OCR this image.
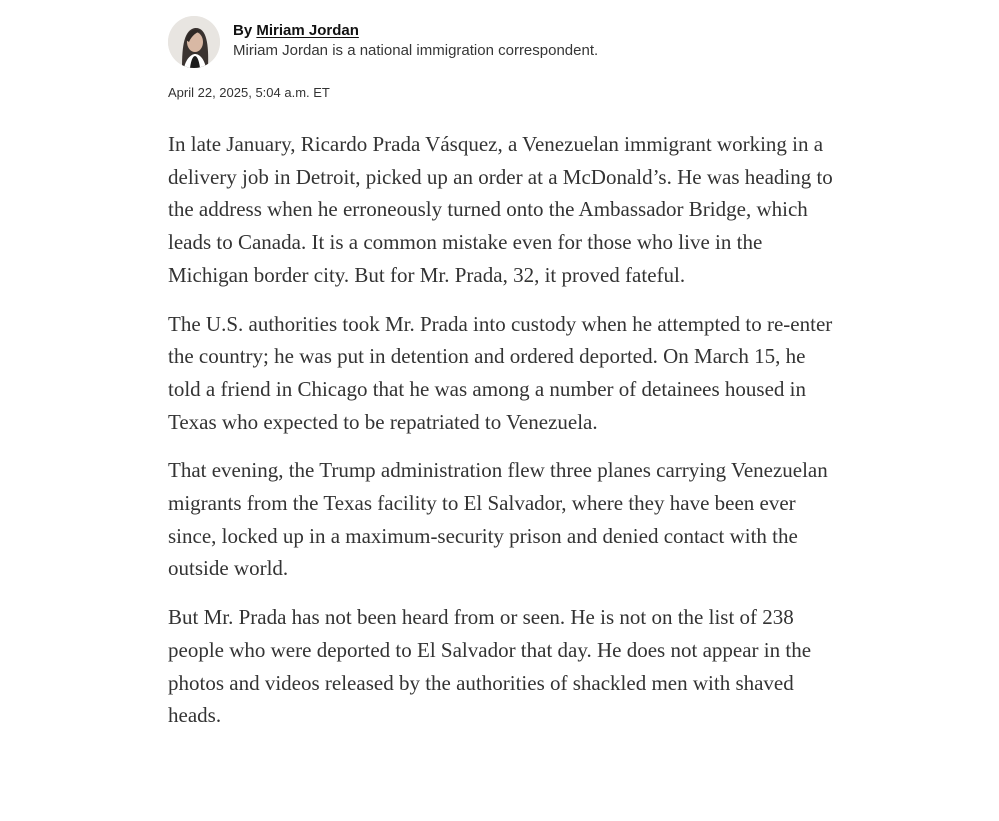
By Miriam Jordan
Miriam Jordan is a national immigration correspondent.
April 22, 2025, 5:04 a.m. ET

In late January, Ricardo Prada Vásquez, a Venezuelan immigrant working in a delivery job in Detroit, picked up an order at a McDonald’s. He was heading to the address when he erroneously turned onto the Ambassador Bridge, which leads to Canada. It is a common mistake even for those who live in the Michigan border city. But for Mr. Prada, 32, it proved fateful.

The U.S. authorities took Mr. Prada into custody when he attempted to re-enter the country; he was put in detention and ordered deported. On March 15, he told a friend in Chicago that he was among a number of detainees housed in Texas who expected to be repatriated to Venezuela.

That evening, the Trump administration flew three planes carrying Venezuelan migrants from the Texas facility to El Salvador, where they have been ever since, locked up in a maximum-security prison and denied contact with the outside world.

But Mr. Prada has not been heard from or seen. He is not on the list of 238 people who were deported to El Salvador that day. He does not appear in the photos and videos released by the authorities of shackled men with shaved heads.
